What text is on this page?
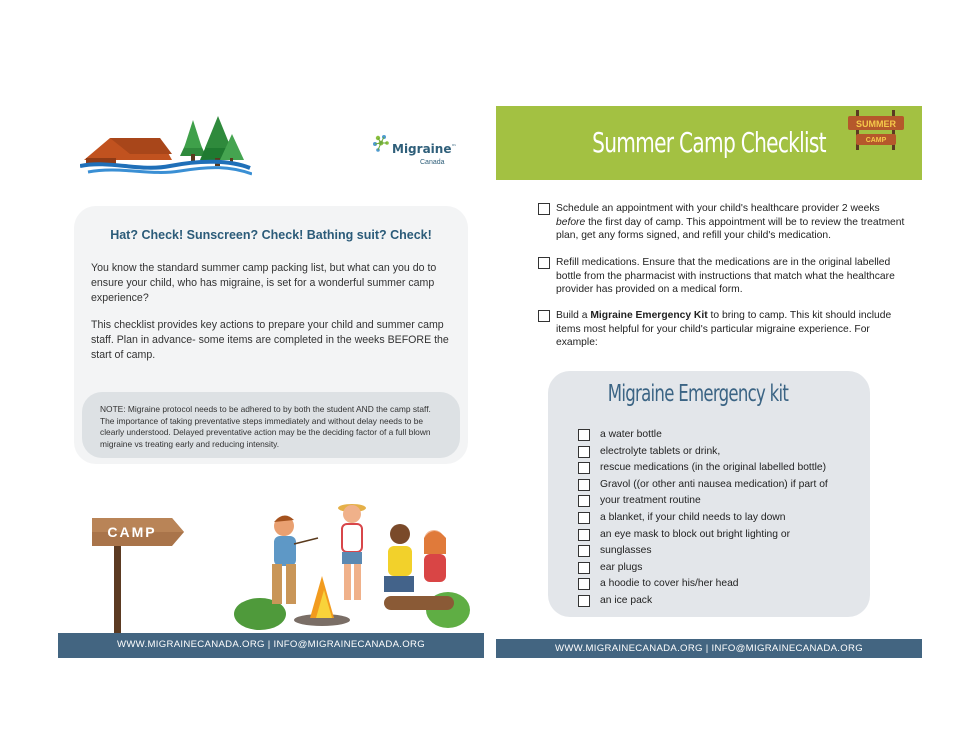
Migraine™
Canada
Hat? Check! Sunscreen? Check! Bathing suit? Check!

You know the standard summer camp packing list, but what can you do to ensure your child, who has migraine, is set for a wonderful summer camp experience?

This checklist provides key actions to prepare your child and summer camp staff. Plan in advance- some items are completed in the weeks BEFORE the start of camp.

NOTE: Migraine protocol needs to be adhered to by both the student AND the camp staff. The importance of taking preventative steps immediately and without delay needs to be clearly understood. Delayed preventative action may be the deciding factor of a full blown migraine vs treating early and reducing intensity.
CAMP
WWW.MIGRAINECANADA.ORG | INFO@MIGRAINECANADA.ORG
Summer Camp Checklist
SUMMER
CAMP

Schedule an appointment with your child's healthcare provider 2 weeks before the first day of camp. This appointment will be to review the treatment plan, get any forms signed, and refill your child's medication.

Refill medications. Ensure that the medications are in the original labelled bottle from the pharmacist with instructions that match what the healthcare provider has provided on a medical form.

Build a Migraine Emergency Kit to bring to camp. This kit should include items most helpful for your child's particular migraine experience. For example:

Migraine Emergency kit
a water bottle
electrolyte tablets or drink,
rescue medications (in the original labelled bottle)
Gravol ((or other anti nausea medication) if part of
your treatment routine
a blanket, if your child needs to lay down
an eye mask to block out bright lighting or
sunglasses
ear plugs
a hoodie to cover his/her head
an ice pack
WWW.MIGRAINECANADA.ORG | INFO@MIGRAINECANADA.ORG
